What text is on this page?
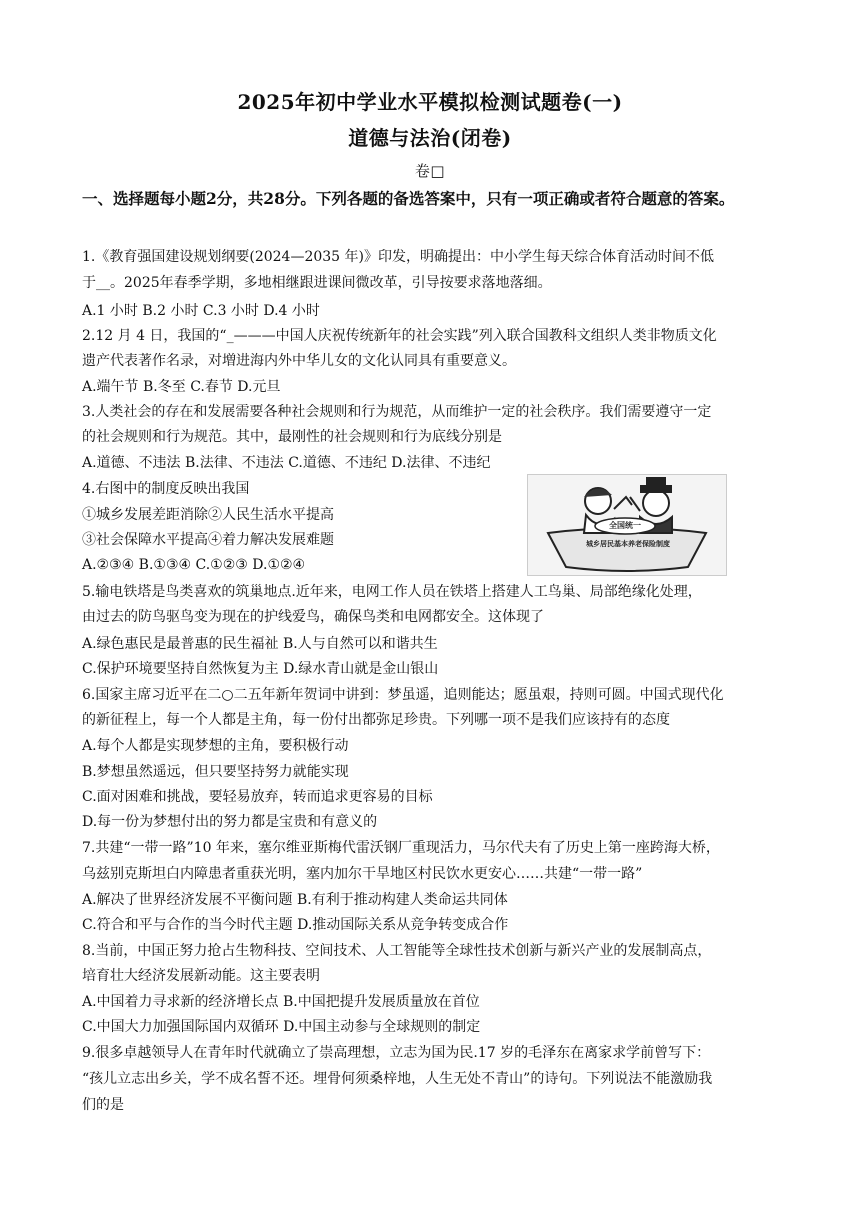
2025年初中学业水平模拟检测试题卷(一)
道德与法治(闭卷)
卷□
一、选择题每小题2分，共28分。下列各题的备选答案中，只有一项正确或者符合题意的答案。
1.《教育强国建设规划纲要(2024—2035 年)》印发，明确提出：中小学生每天综合体育活动时间不低
于__。2025年春季学期，多地相继跟进课间微改革，引导按要求落地落细。
A.1 小时 B.2 小时 C.3 小时 D.4 小时
2.12 月 4 日，我国的“_———中国人庆祝传统新年的社会实践”列入联合国教科文组织人类非物质文化
遗产代表著作名录，对増进海内外中华儿女的文化认同具有重要意义。
A.端午节 B.冬至 C.春节 D.元旦
3.人类社会的存在和发展需要各种社会规则和行为规范，从而维护一定的社会秩序。我们需要遵守一定
的社会规则和行为规范。其中，最刚性的社会规则和行为底线分别是
A.道德、不违法 B.法律、不违法 C.道德、不违纪 D.法律、不违纪
4.右图中的制度反映出我国
①城乡发展差距消除②人民生活水平提高
③社会保障水平提高④着力解决发展难题
A.②③④ B.①③④ C.①②③ D.①②④
5.输电铁塔是鸟类喜欢的筑巢地点.近年来，电网工作人员在铁塔上搭建人工鸟巢、局部绝缘化处理，
由过去的防鸟驱鸟变为现在的护线爱鸟，确保鸟类和电网都安全。这体现了
A.绿色惠民是最普惠的民生福祉 B.人与自然可以和谐共生
C.保护环境要坚持自然恢复为主 D.绿水青山就是金山银山
6.国家主席习近平在二○二五年新年贺词中讲到：梦虽遥，追则能达；愿虽艰，持则可圆。中国式现代化
的新征程上，每一个人都是主角，每一份付出都弥足珍贵。下列哪一项不是我们应该持有的态度
A.每个人都是实现梦想的主角，要积极行动
B.梦想虽然遥远，但只要坚持努力就能实现
C.面对困难和挑战，要轻易放弃，转而追求更容易的目标
D.每一份为梦想付出的努力都是宝贵和有意义的
7.共建“一带一路”10 年来，塞尔维亚斯梅代雷沃钢厂重现活力，马尔代夫有了历史上第一座跨海大桥，
乌兹别克斯坦白内障患者重获光明，塞内加尔干旱地区村民饮水更安心……共建“一带一路”
A.解决了世界经济发展不平衡问题 B.有利于推动构建人类命运共同体
C.符合和平与合作的当今时代主题 D.推动国际关系从竞争转变成合作
8.当前，中国正努力抢占生物科技、空间技术、人工智能等全球性技术创新与新兴产业的发展制高点，
培育壮大经济发展新动能。这主要表明
A.中国着力寻求新的经济增长点 B.中国把提升发展质量放在首位
C.中国大力加强国际国内双循环 D.中国主动参与全球规则的制定
9.很多卓越领导人在青年时代就确立了崇高理想，立志为国为民.17 岁的毛泽东在离家求学前曾写下：
“孩儿立志出乡关，学不成名誓不还。埋骨何须桑梓地，人生无处不青山”的诗句。下列说法不能激励我
们的是
全国统一
城乡居民基本养老保险制度
